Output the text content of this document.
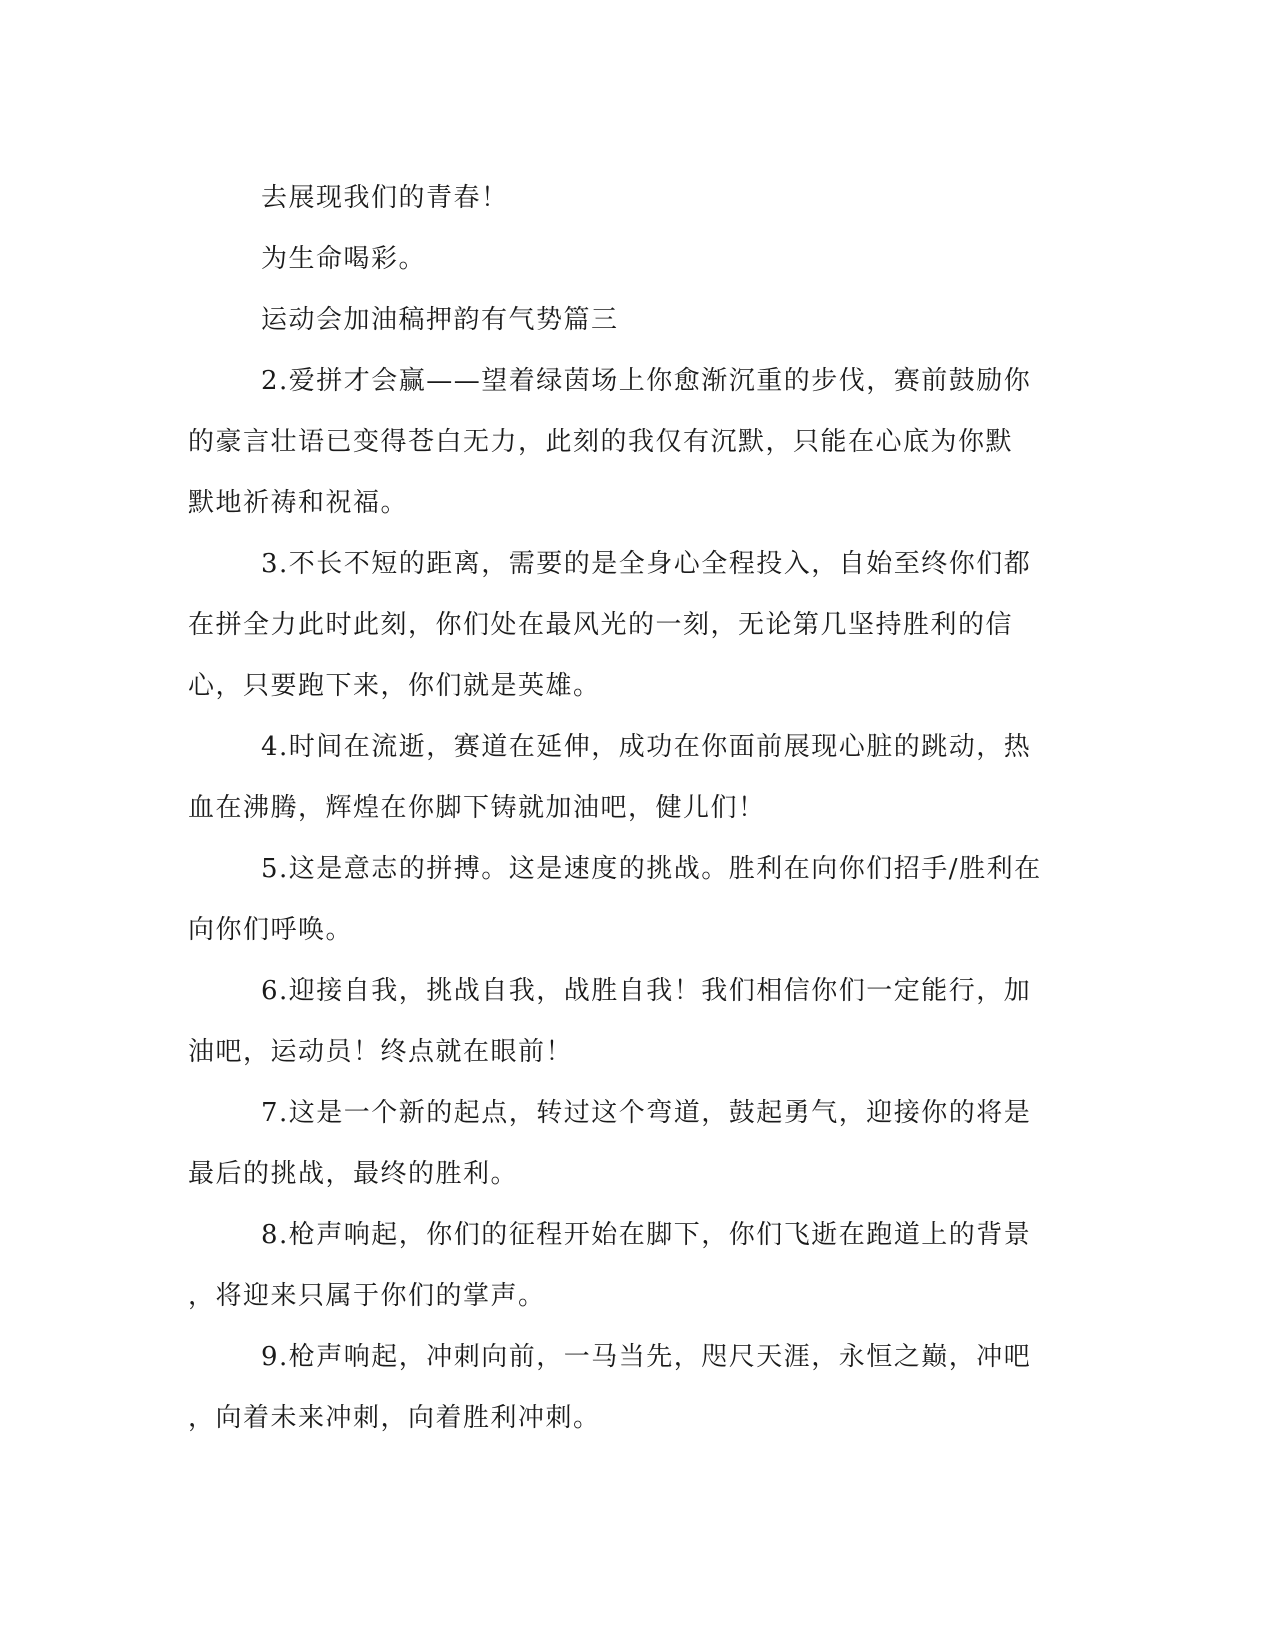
去展现我们的青春！

为生命喝彩。

运动会加油稿押韵有气势篇三

2.爱拼才会赢——望着绿茵场上你愈渐沉重的步伐，赛前鼓励你

的豪言壮语已变得苍白无力，此刻的我仅有沉默，只能在心底为你默

默地祈祷和祝福。

3.不长不短的距离，需要的是全身心全程投入，自始至终你们都

在拼全力此时此刻，你们处在最风光的一刻，无论第几坚持胜利的信

心，只要跑下来，你们就是英雄。

4.时间在流逝，赛道在延伸，成功在你面前展现心脏的跳动，热

血在沸腾，辉煌在你脚下铸就加油吧，健儿们！

5.这是意志的拼搏。这是速度的挑战。胜利在向你们招手/胜利在

向你们呼唤。

6.迎接自我，挑战自我，战胜自我！我们相信你们一定能行，加

油吧，运动员！终点就在眼前！

7.这是一个新的起点，转过这个弯道，鼓起勇气，迎接你的将是

最后的挑战，最终的胜利。

8.枪声响起，你们的征程开始在脚下，你们飞逝在跑道上的背景

，将迎来只属于你们的掌声。

9.枪声响起，冲刺向前，一马当先，咫尺天涯，永恒之巅，冲吧

，向着未来冲刺，向着胜利冲刺。
